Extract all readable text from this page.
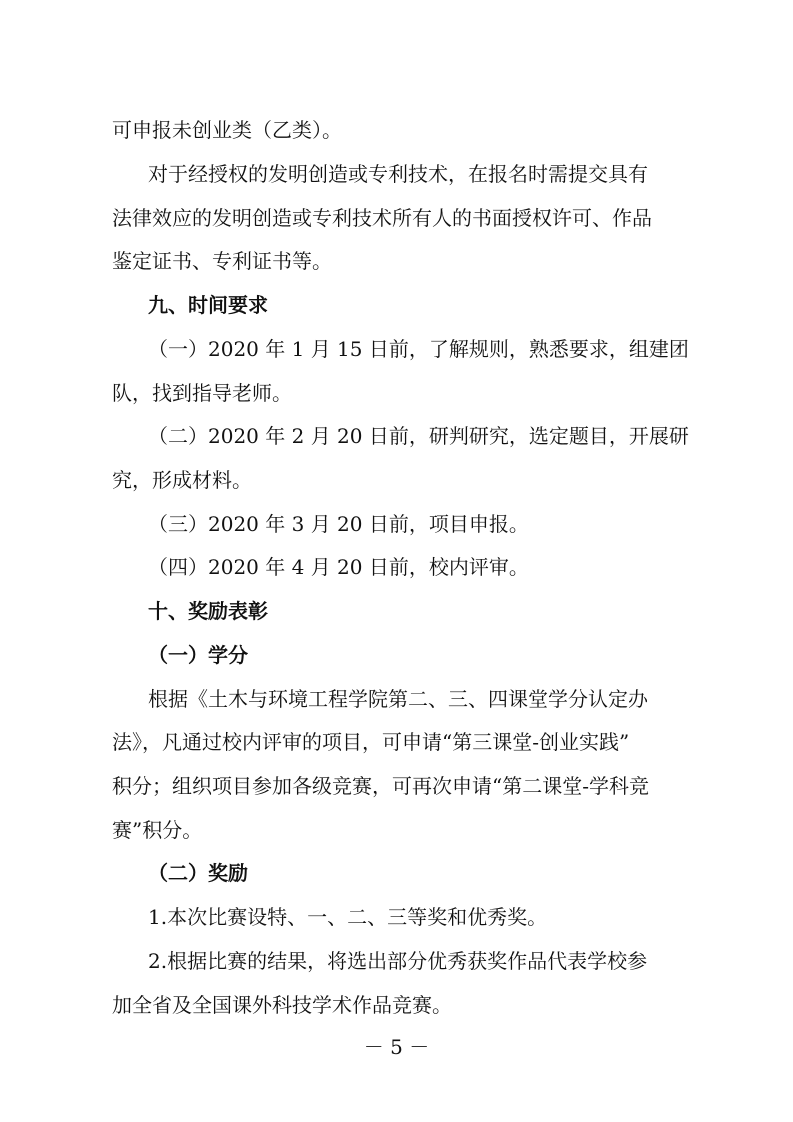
可申报未创业类（乙类）。
对于经授权的发明创造或专利技术，在报名时需提交具有
法律效应的发明创造或专利技术所有人的书面授权许可、作品
鉴定证书、专利证书等。
九、时间要求
（一）2020 年 1 月 15 日前，了解规则，熟悉要求，组建团
队，找到指导老师。
（二）2020 年 2 月 20 日前，研判研究，选定题目，开展研
究，形成材料。
（三）2020 年 3 月 20 日前，项目申报。
（四）2020 年 4 月 20 日前，校内评审。
十、奖励表彰
（一）学分
根据《土木与环境工程学院第二、三、四课堂学分认定办
法》，凡通过校内评审的项目，可申请“第三课堂-创业实践”
积分；组织项目参加各级竞赛，可再次申请“第二课堂-学科竞
赛”积分。
（二）奖励
1.本次比赛设特、一、二、三等奖和优秀奖。
2.根据比赛的结果，将选出部分优秀获奖作品代表学校参
加全省及全国课外科技学术作品竞赛。
－ 5 －
